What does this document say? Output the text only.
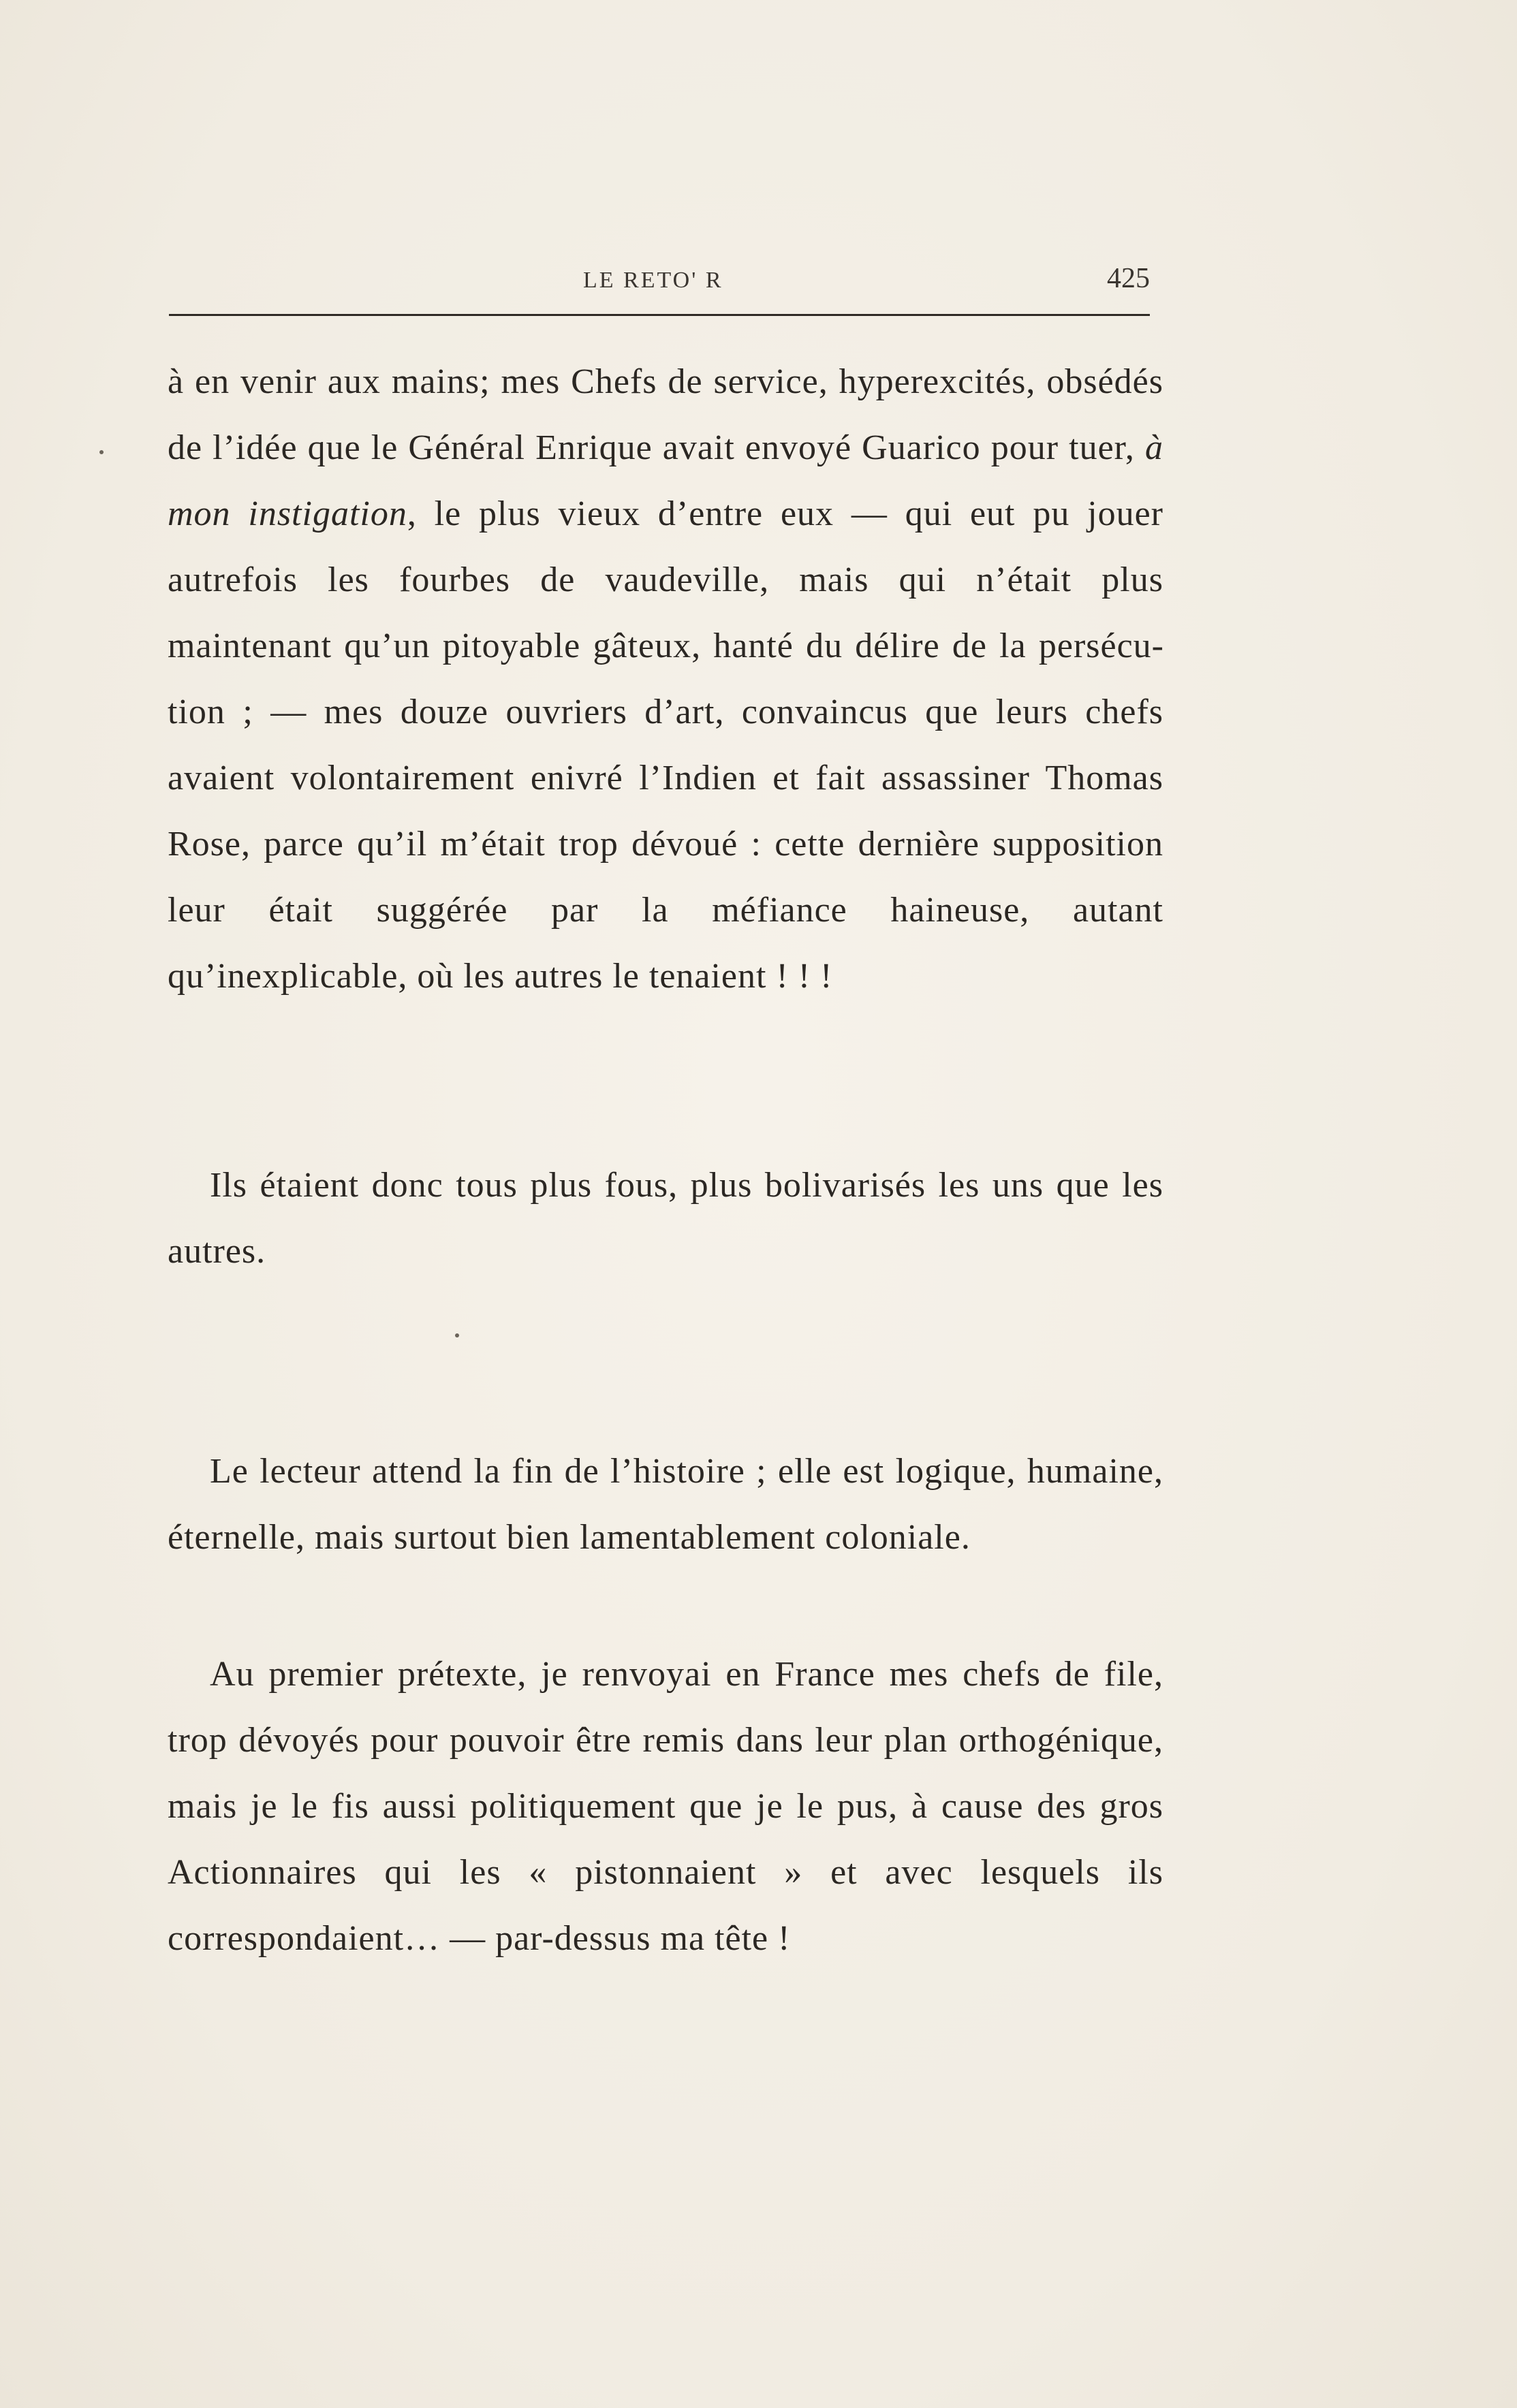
LE RETO' R	425

à en venir aux mains; mes Chefs de service, hyperexcités, obsédés de l’idée que le Général Enrique avait envoyé Guarico pour tuer, à mon instigation, le plus vieux d’entre eux — qui eut pu jouer autrefois les fourbes de vaudeville, mais qui n’était plus maintenant qu’un pitoyable gâteux, hanté du délire de la persécution ; — mes douze ouvriers d’art, convaincus que leurs chefs avaient volontairement enivré l’Indien et fait assassiner Thomas Rose, parce qu’il m’était trop dévoué : cette dernière supposition leur était suggérée par la méfiance haineuse, autant qu’inexplicable, où les autres le tenaient ! ! !

Ils étaient donc tous plus fous, plus bolivarisés les uns que les autres.

Le lecteur attend la fin de l’histoire ; elle est logique, humaine, éternelle, mais surtout bien lamentablement coloniale.

Au premier prétexte, je renvoyai en France mes chefs de file, trop dévoyés pour pouvoir être remis dans leur plan orthogénique, mais je le fis aussi politiquement que je le pus, à cause des gros Actionnaires qui les « pistonnaient » et avec lesquels ils correspondaient… — par-dessus ma tête !
